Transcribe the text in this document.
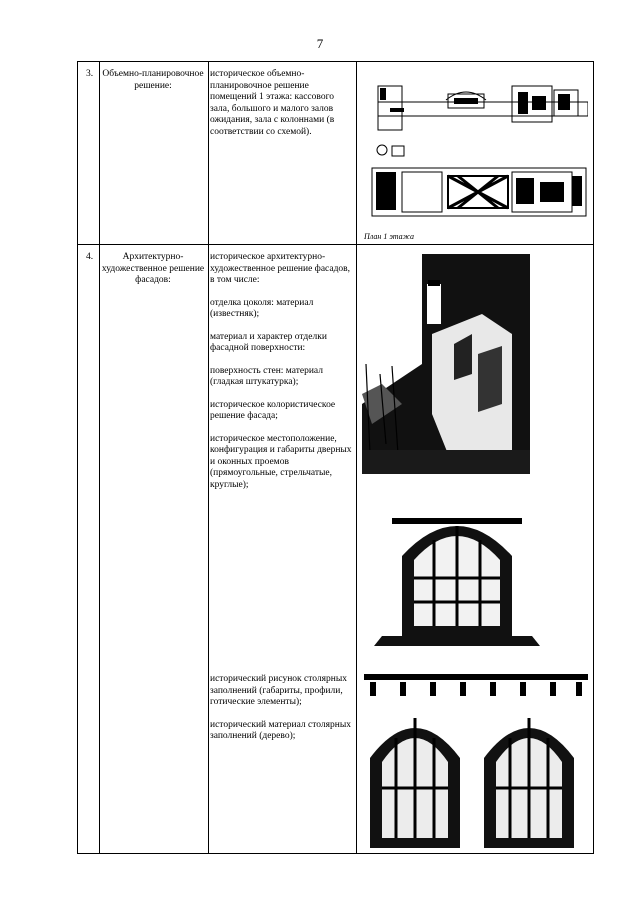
7
3. Объемно-планировочное решение:

историческое объемно-планировочное решение помещений 1 этажа: кассового зала, большого и малого залов ожидания, зала с колоннами (в соответствии со схемой).

План 1 этажа
4.	Архитектурно-художественное решение фасадов:

историческое архитектурно-художественное решение фасадов, в том числе:

отделка цоколя: материал (известняк);

материал и характер отделки фасадной поверхности:

поверхность стен: материал (гладкая штукатурка);

историческое колористическое решение фасада;

историческое местоположение, конфигурация и габариты дверных и оконных проемов (прямоугольные, стрельчатые, круглые);

исторический рисунок столярных заполнений (габариты, профили, готические элементы);

исторический материал столярных заполнений (дерево);
